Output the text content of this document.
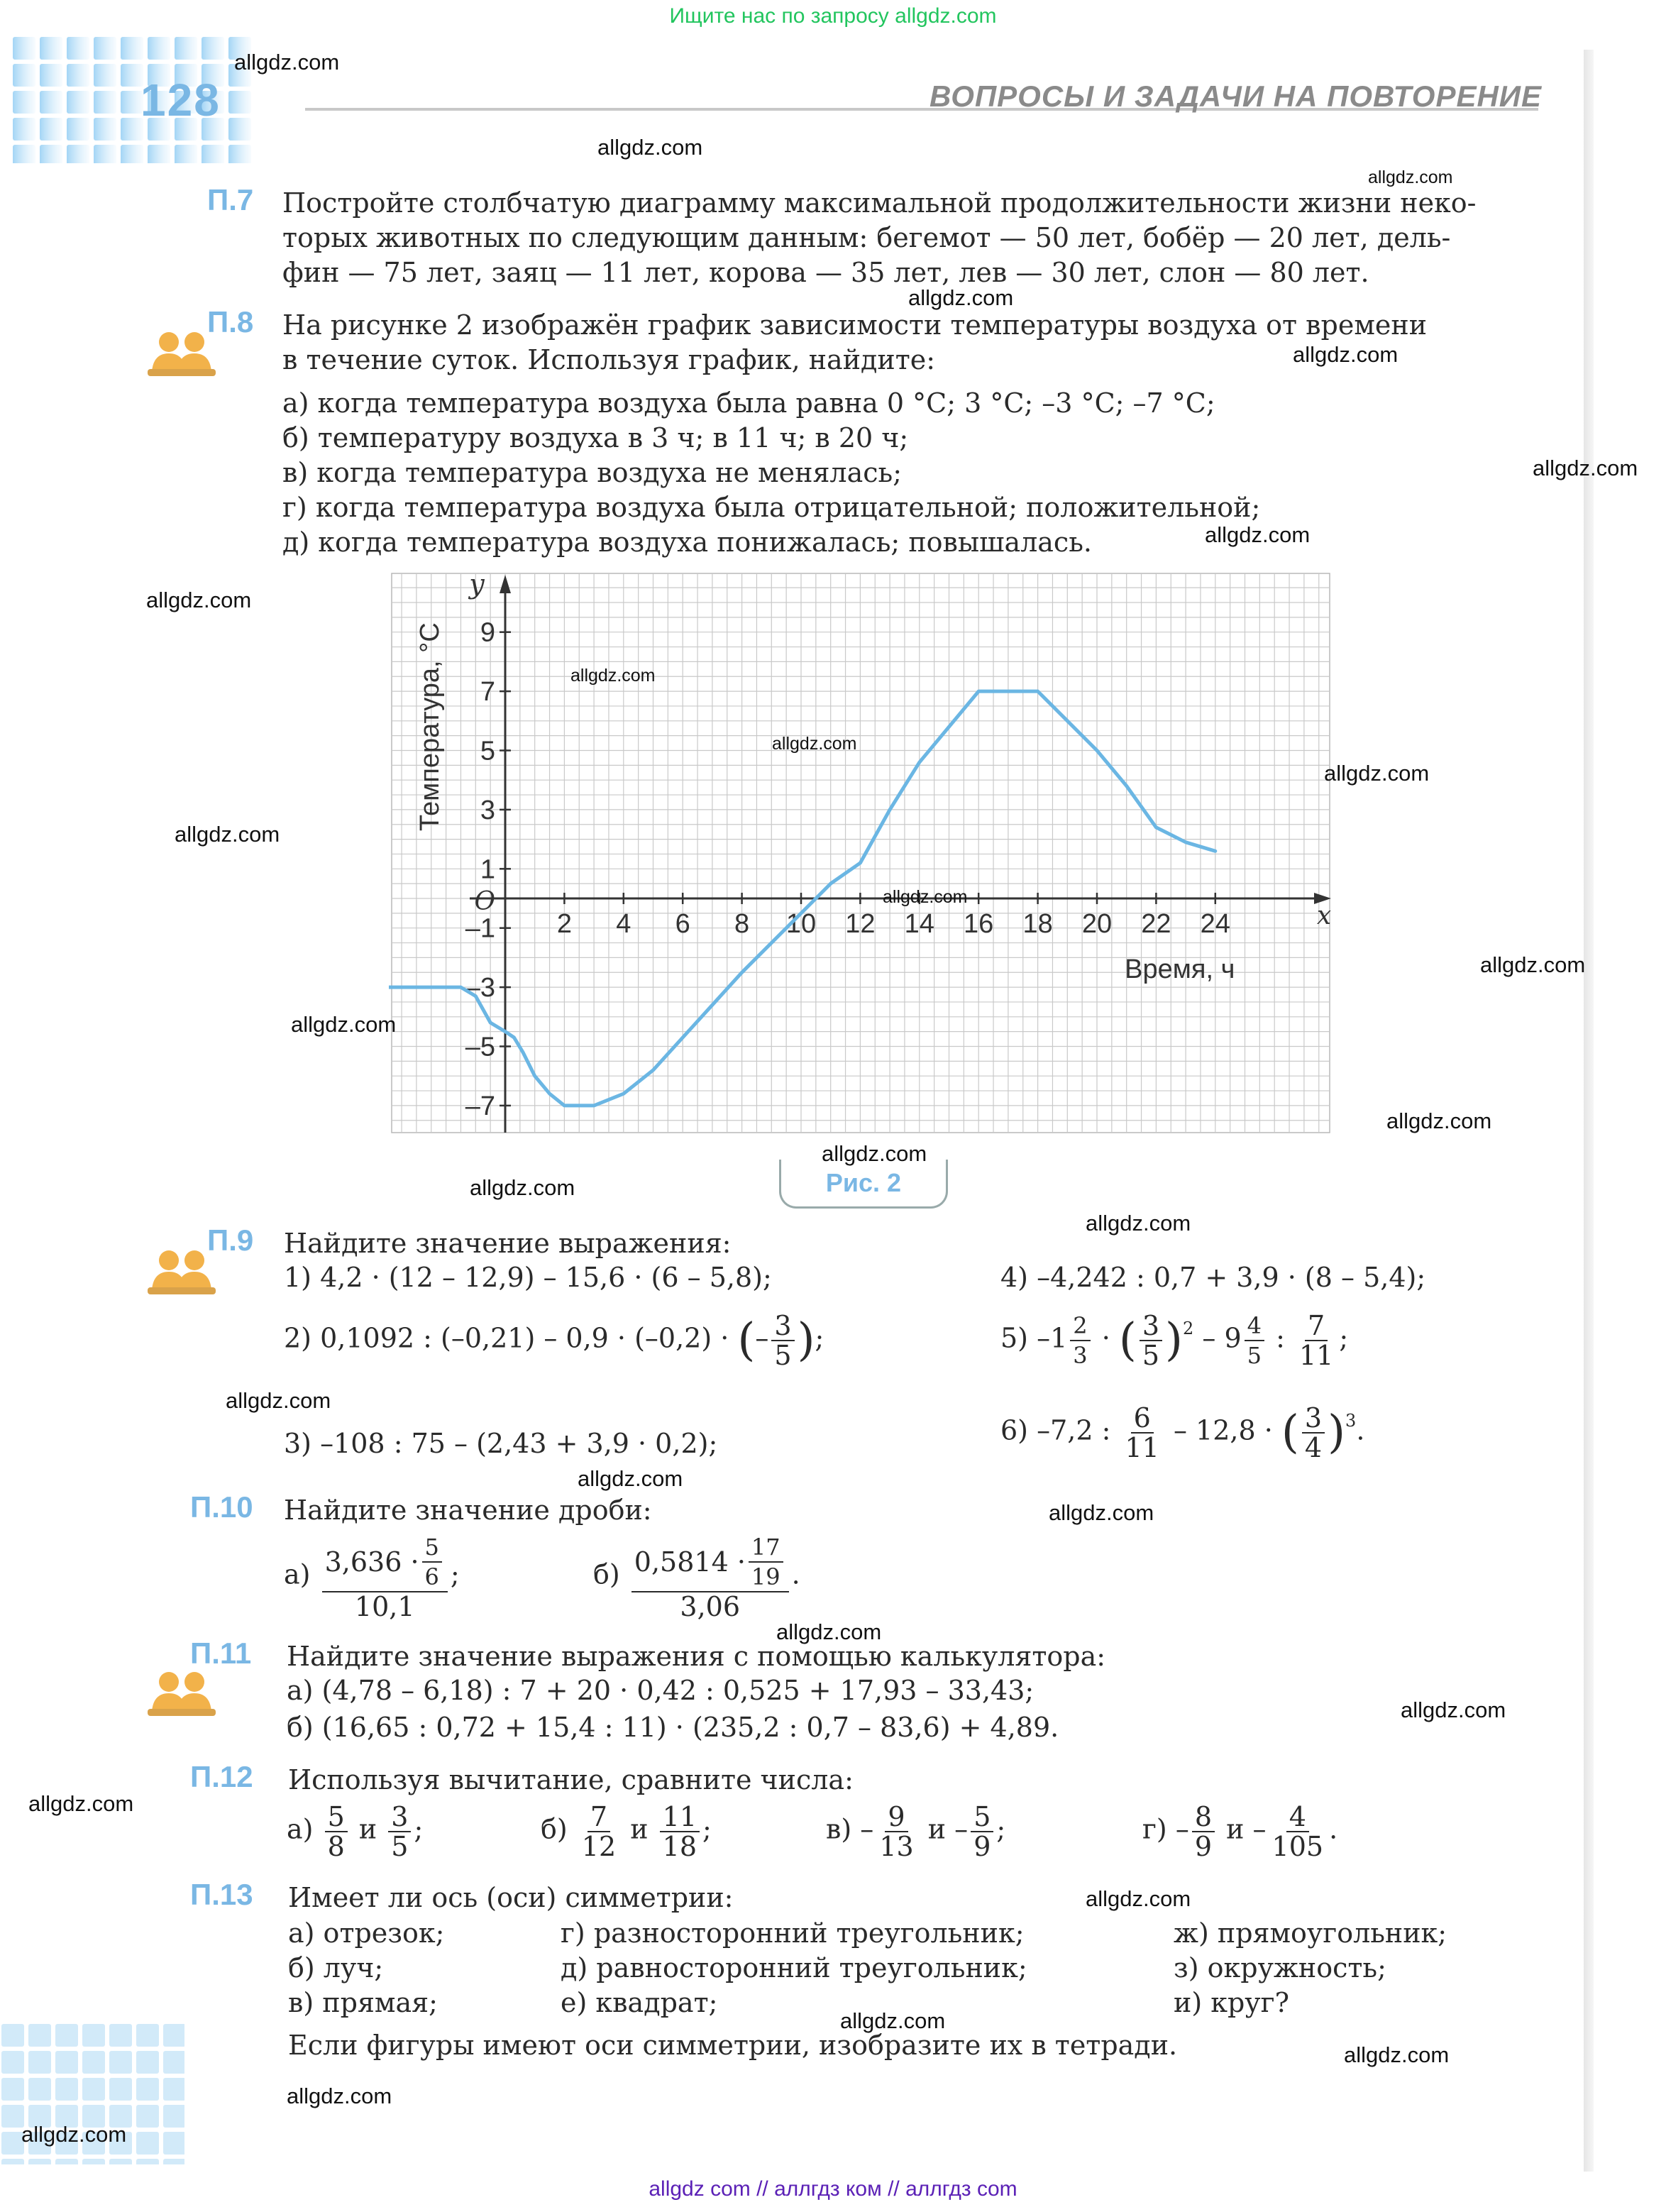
Ищите нас по запросу allgdz.com
allgdz com // аллгдз ком // аллгдз com
128	ВОПРОСЫ И ЗАДАЧИ НА ПОВТОРЕНИЕ
П.7 Постройте столбчатую диаграмму максимальной продолжительности жизни неко-
торых животных по следующим данным: бегемот — 50 лет, бобёр — 20 лет, дель-
фин — 75 лет, заяц — 11 лет, корова — 35 лет, лев — 30 лет, слон — 80 лет.
П.8 На рисунке 2 изображён график зависимости температуры воздуха от времени
в течение суток. Используя график, найдите:
а) когда температура воздуха была равна 0 °С; 3 °С; –3 °С; –7 °С;
б) температуру воздуха в 3 ч; в 11 ч; в 20 ч;
в) когда температура воздуха не менялась;
г) когда температура воздуха была отрицательной; положительной;
д) когда температура воздуха понижалась; повышалась.
2 4 6 8 10 12 14 16 18 20 22 24
9
7
5
3
1
–1
–3
–5
–7
O	x
y
Время, ч
Температура, °С
Рис. 2
П.9 Найдите значение выражения:
1) 4,2 · (12 – 12,9) – 15,6 · (6 – 5,8);	4) –4,242 : 0,7 + 3,9 · (8 – 5,4);
2) 0,1092 : (–0,21) – 0,9 · (–0,2) · (– $\frac{3}{5}$ );	5) $-1 \frac{2}{3}$ · ( $\frac{3}{5} )^2 - 9 \frac{4}{5}$ : $\frac{7}{11}$ ;
3) –108 : 75 – (2,43 + 3,9 · 0,2);	6) –7,2 : $\frac{6}{11} - 12,8$ · ( $\frac{3}{4} )^3$.
П.10 Найдите значение дроби:
$а) \frac{3,636 \cdot \frac{5}{6}}{10,1}$ ;	$б) \frac{0,5814 \cdot \frac{17}{19}}{3,06}$ .
П.11 Найдите значение выражения с помощью калькулятора:
а) (4,78 – 6,18) : 7 + 20 · 0,42 : 0,525 + 17,93 – 33,43;
б) (16,65 : 0,72 + 15,4 : 11) · (235,2 : 0,7 – 83,6) + 4,89.
П.12 Используя вычитание, сравните числа:
$а) \frac{5}{8}$ и $\frac{3}{5}$ ;	$б) \frac{7}{12}$ и $\frac{11}{18}$ ;	$в) - \frac{9}{13}$ и – $\frac{5}{9}$ ;	$г) - \frac{8}{9}$ и – $\frac{4}{105}$ .
П.13 Имеет ли ось (оси) симметрии:
а) отрезок;
б) луч;
в) прямая;
г) разносторонний треугольник;
д) равносторонний треугольник;
е) квадрат;
ж) прямоугольник;
з) окружность;
и) круг?
Если фигуры имеют оси симметрии, изобразите их в тетради.
allgdz.com
allgdz.com
allgdz.com
allgdz.com
allgdz.com
allgdz.com
allgdz.com
allgdz.com
allgdz.com
allgdz.com
allgdz.com
allgdz.com
allgdz.com
allgdz.com
allgdz.com
allgdz.com
allgdz.com
allgdz.com
allgdz.com
allgdz.com
allgdz.com
allgdz.com
allgdz.com
allgdz.com
allgdz.com
allgdz.com
allgdz.com
allgdz.com
allgdz.com
allgdz.com
